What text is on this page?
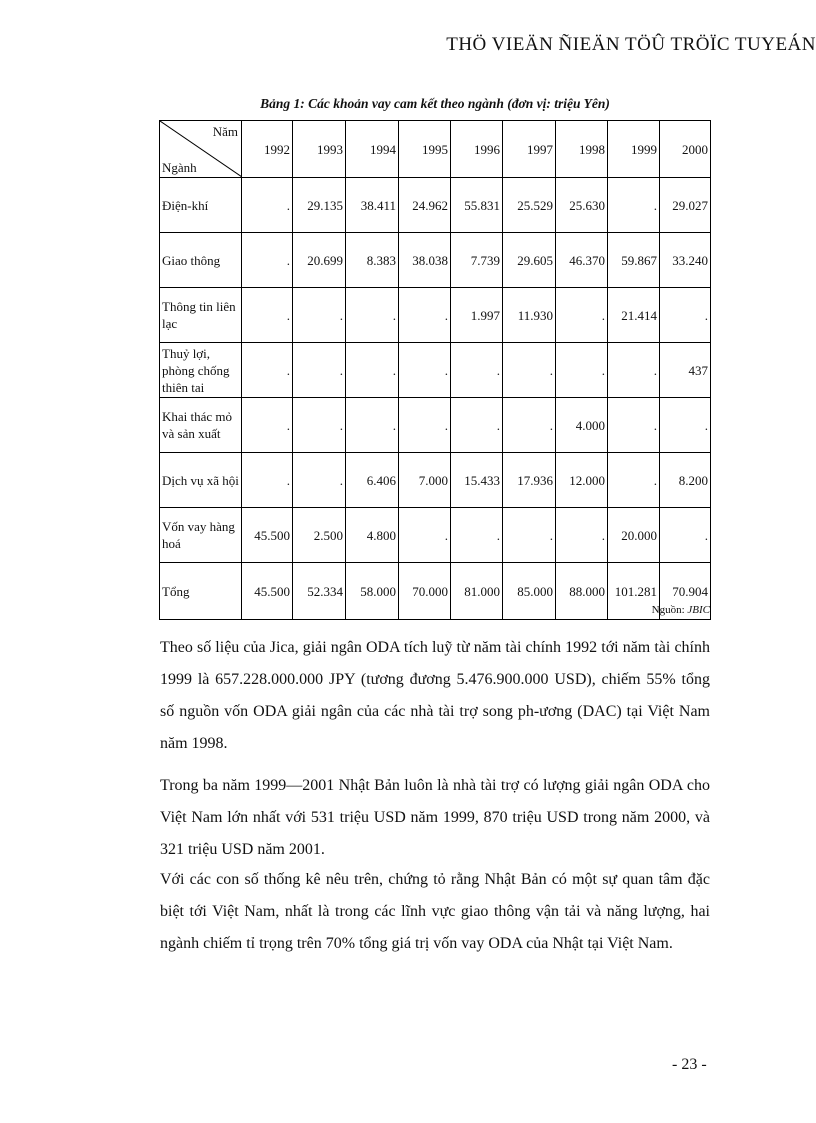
THÖ VIEÄN ÑIEÄN TÖÛ TRÖÏC TUYEÁN
Bảng 1: Các khoản vay cam kết theo ngành (đơn vị: triệu Yên)
Năm
Ngành	1992	1993	1994	1995	1996	1997	1998	1999	2000
Điện-khí	.	29.135	38.411	24.962	55.831	25.529	25.630	.	29.027
Giao thông	.	20.699	8.383	38.038	7.739	29.605	46.370	59.867	33.240
Thông tin liên lạc	.	.	.	.	1.997	11.930	.	21.414	.
Thuỷ lợi, phòng chống thiên tai	.	.	.	.	.	.	.	.	437
Khai thác mỏ và sản xuất	.	.	.	.	.	.	4.000	.	.
Dịch vụ xã hội	.	.	6.406	7.000	15.433	17.936	12.000	.	8.200
Vốn vay hàng hoá	45.500	2.500	4.800	.	.	.	.	20.000	.
Tổng	45.500	52.334	58.000	70.000	81.000	85.000	88.000	101.281	70.904
Nguồn: JBIC

Theo số liệu của Jica, giải ngân ODA tích luỹ từ năm tài chính 1992 tới năm tài chính 1999 là 657.228.000.000 JPY (tương đương 5.476.900.000 USD), chiếm 55% tổng số nguồn vốn ODA giải ngân của các nhà tài trợ song ph-ương (DAC) tại Việt Nam năm 1998.

Trong ba năm 1999—2001 Nhật Bản luôn là nhà tài trợ có lượng giải ngân ODA cho Việt Nam lớn nhất với 531 triệu USD năm 1999, 870 triệu USD trong năm 2000, và 321 triệu USD năm 2001.

Với các con số thống kê nêu trên, chứng tỏ rằng Nhật Bản có một sự quan tâm đặc biệt tới Việt Nam, nhất là trong các lĩnh vực giao thông vận tải và năng lượng, hai ngành chiếm tỉ trọng trên 70% tổng giá trị vốn vay ODA của Nhật tại Việt Nam.

- 23 -
